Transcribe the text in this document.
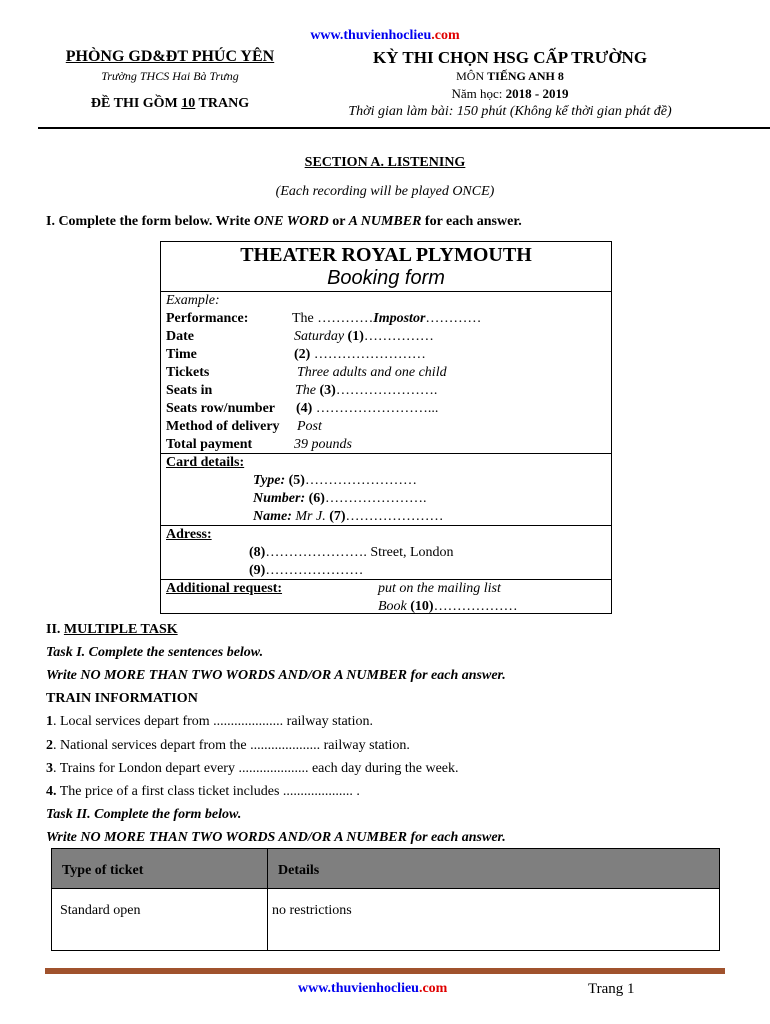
www.thuvienhoclieu.com
PHÒNG GD&ĐT PHÚC YÊN
Trường THCS Hai Bà Trưng
ĐỀ THI GỒM 10 TRANG
KỲ THI CHỌN HSG CẤP TRƯỜNG
MÔN TIẾNG ANH 8
Năm học: 2018 - 2019
Thời gian làm bài: 150 phút (Không kể thời gian phát đề)
SECTION A. LISTENING
(Each recording will be played ONCE)
I. Complete the form below. Write ONE WORD or A NUMBER for each answer.
THEATER ROYAL PLYMOUTH
Booking form
Example:
Performance:	The …………Impostor…………
Date	Saturday (1)……………
Time	(2) ……………………
Tickets	Three adults and one child
Seats in	The (3)………………….
Seats row/number (4) ……………………...
Method of delivery Post
Total payment	39 pounds
Card details:
Type: (5)……………………
Number: (6)………………….
Name: Mr J. (7)…………………
Adress:
(8)…………………. Street, London
(9)…………………
Additional request:	put on the mailing list
Book (10)………………
II. MULTIPLE TASK
Task I. Complete the sentences below.
Write NO MORE THAN TWO WORDS AND/OR A NUMBER for each answer.
TRAIN INFORMATION
1. Local services depart from .................... railway station.
2. National services depart from the .................... railway station.
3. Trains for London depart every .................... each day during the week.
4. The price of a first class ticket includes .................... .
Task II. Complete the form below.
Write NO MORE THAN TWO WORDS AND/OR A NUMBER for each answer.
Type of ticket	Details
Standard open	no restrictions
www.thuvienhoclieu.com	Trang 1
